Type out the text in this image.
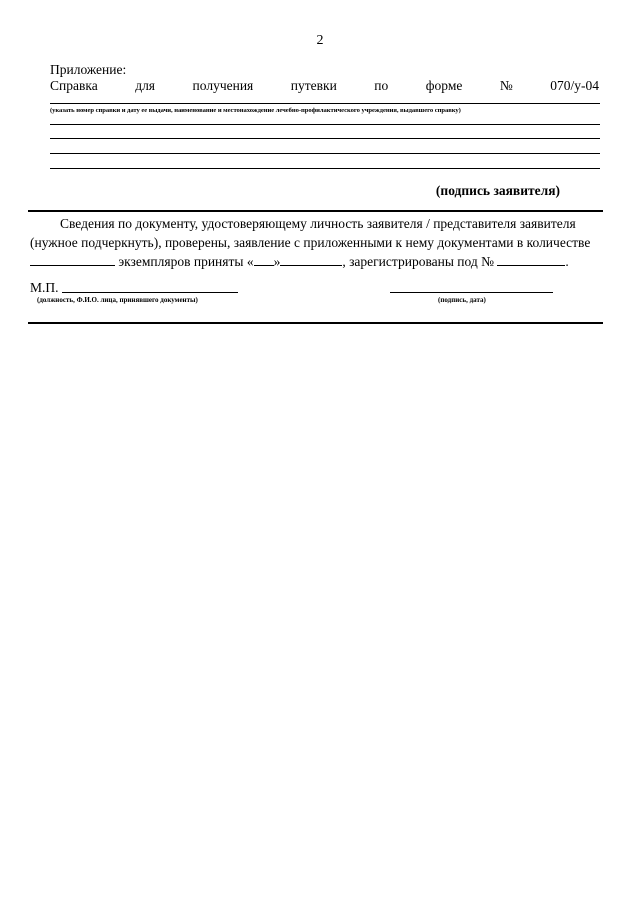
2
Приложение:
Справка	для	получения	путевки	по	форме	№	070/у-04
(указать номер справки и дату ее выдачи, наименование и местонахождение лечебно-профилактического учреждения, выдавшего справку)
(подпись заявителя)

Сведения по документу, удостоверяющему личность заявителя / представителя заявителя

(нужное подчеркнуть), проверены, заявление с приложенными к нему документами в количестве

экземпляров приняты « »	, зарегистрированы под №	.

М.П.
(должность, Ф.И.О. лица, принявшего документы)	(подпись, дата)
